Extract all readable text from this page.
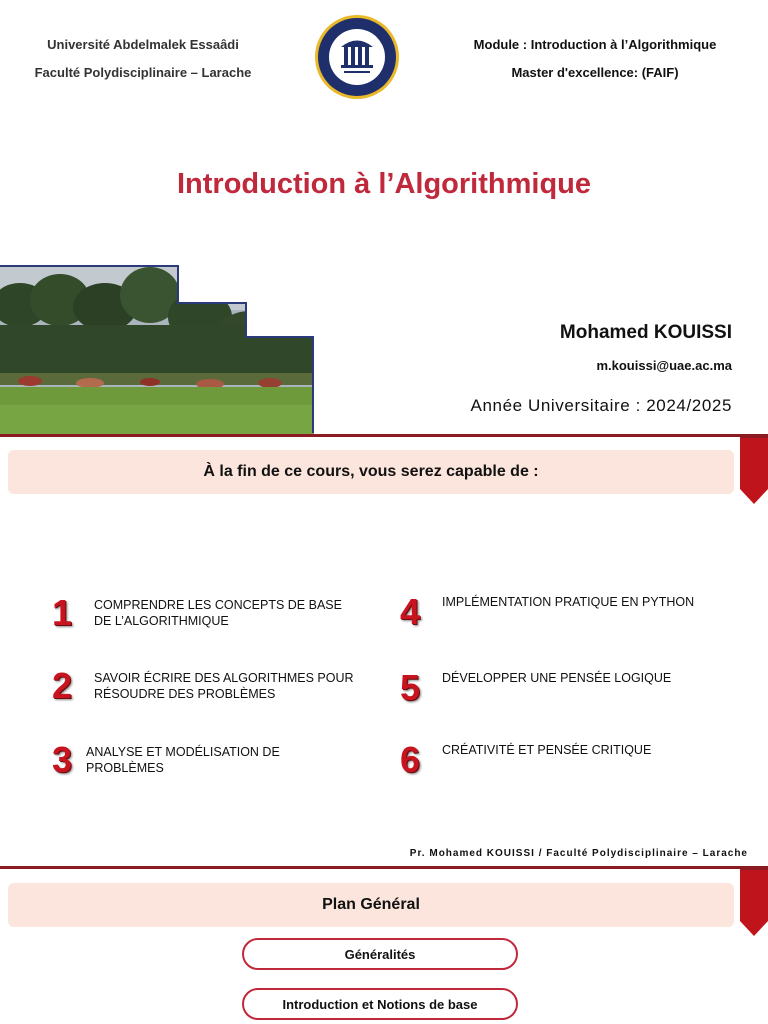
Université Abdelmalek Essaâdi
Faculté Polydisciplinaire – Larache
Module : Introduction à l’Algorithmique
Master d'excellence: (FAIF)
Introduction à l’Algorithmique
Mohamed KOUISSI
m.kouissi@uae.ac.ma
Année Universitaire : 2024/2025
À la fin de ce cours, vous serez capable de :
1	COMPRENDRE LES CONCEPTS DE BASE DE L’ALGORITHMIQUE
2	SAVOIR ÉCRIRE DES ALGORITHMES POUR RÉSOUDRE DES PROBLÈMES
3	ANALYSE ET MODÉLISATION DE PROBLÈMES
4	IMPLÉMENTATION PRATIQUE EN PYTHON
5	DÉVELOPPER UNE PENSÉE LOGIQUE
6	CRÉATIVITÉ ET PENSÉE CRITIQUE
Pr. Mohamed KOUISSI / Faculté Polydisciplinaire – Larache
Plan Général
Généralités
Introduction et Notions de base
